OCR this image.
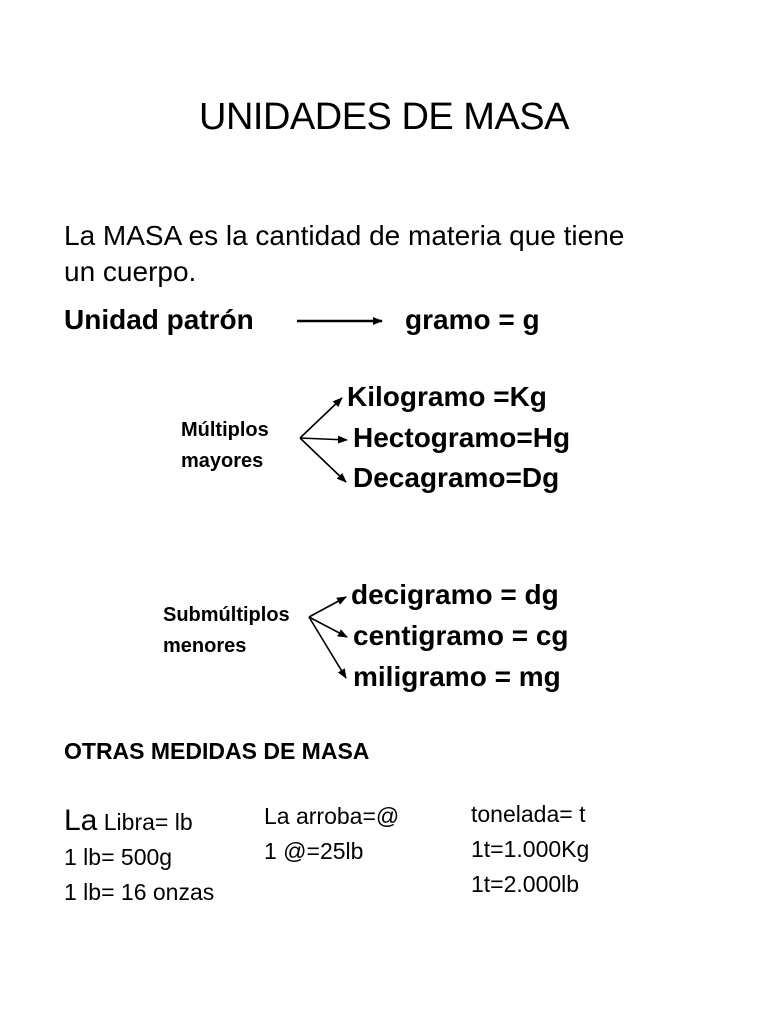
UNIDADES DE MASA
La MASA es la cantidad de materia que tiene
un cuerpo.
Unidad patrón	gramo = g
Múltiplos
mayores
Kilogramo =Kg
Hectogramo=Hg
Decagramo=Dg
Submúltiplos
menores
decigramo = dg
centigramo = cg
miligramo = mg
OTRAS MEDIDAS DE MASA
La Libra= lb
1 lb= 500g
1 lb= 16 onzas
La arroba=@
1 @=25lb
tonelada= t
1t=1.000Kg
1t=2.000lb
